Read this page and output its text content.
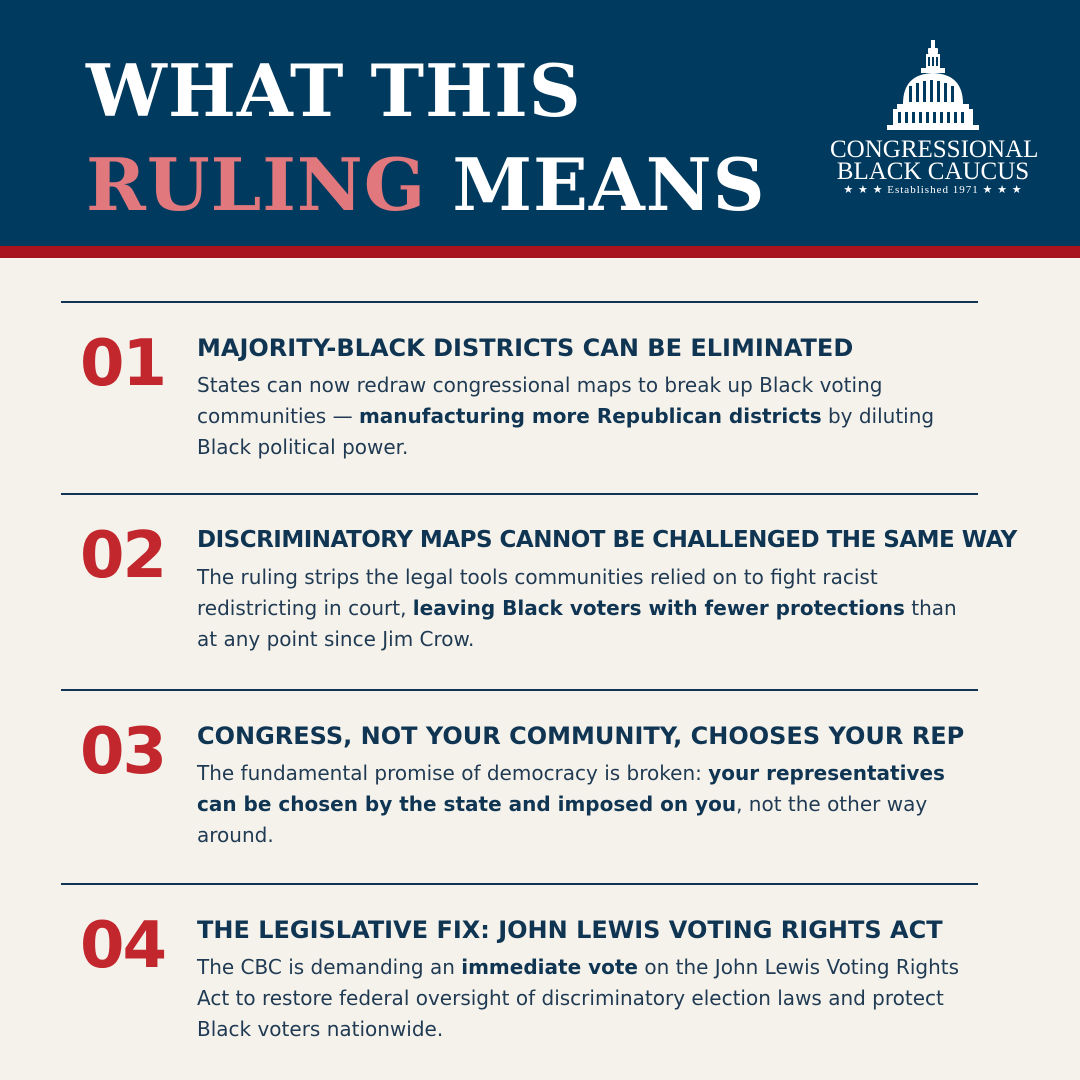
WHAT THIS
RULING MEANS	CONGRESSIONAL
BLACK CAUCUS
★ ★ ★ Established 1971 ★ ★ ★
01 MAJORITY-BLACK DISTRICTS CAN BE ELIMINATED

States can now redraw congressional maps to break up Black voting communities — manufacturing more Republican districts by diluting Black political power.

02 DISCRIMINATORY MAPS CANNOT BE CHALLENGED THE SAME WAY

The ruling strips the legal tools communities relied on to fight racist redistricting in court, leaving Black voters with fewer protections than at any point since Jim Crow.

03 CONGRESS, NOT YOUR COMMUNITY, CHOOSES YOUR REP

The fundamental promise of democracy is broken: your representatives can be chosen by the state and imposed on you, not the other way around.

04 THE LEGISLATIVE FIX: JOHN LEWIS VOTING RIGHTS ACT

The CBC is demanding an immediate vote on the John Lewis Voting Rights Act to restore federal oversight of discriminatory election laws and protect Black voters nationwide.
